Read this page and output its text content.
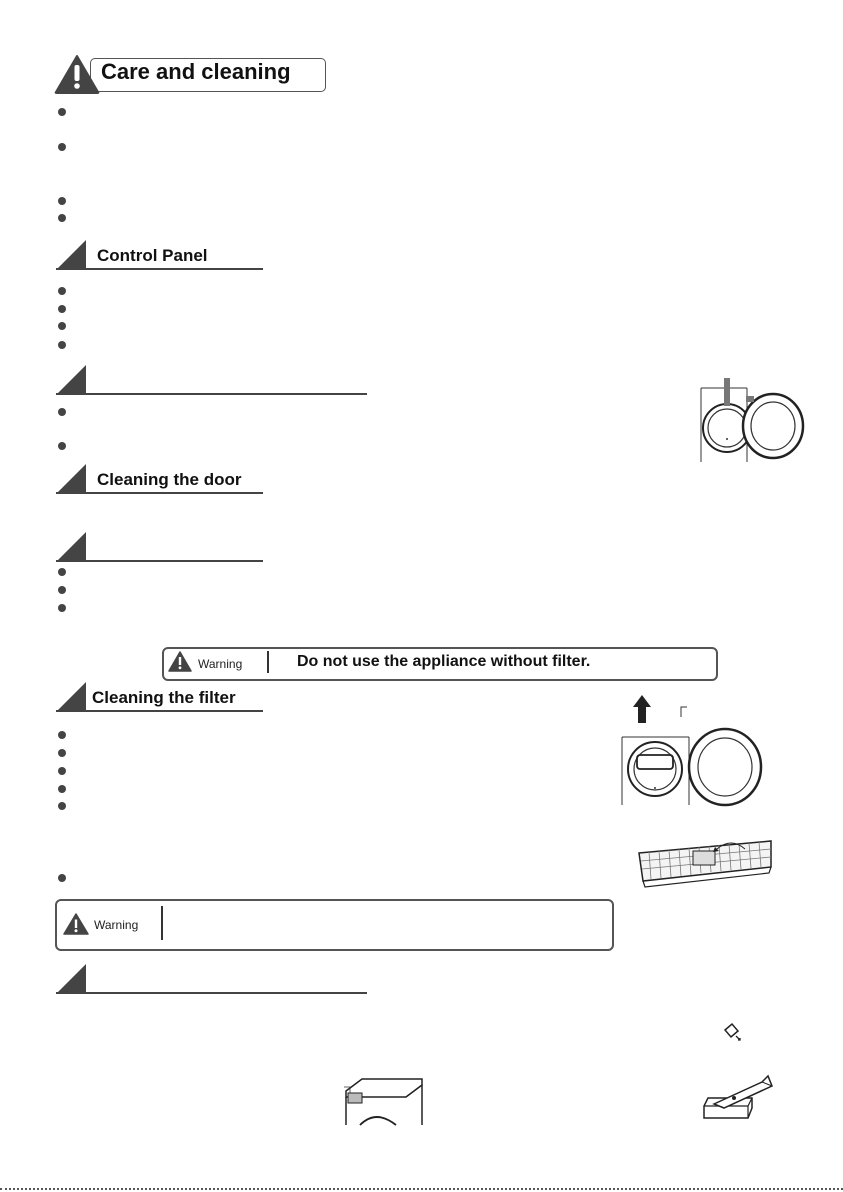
Care and cleaning
Control Panel
Cleaning the door
Warning	Do not use the appliance without filter.
Cleaning the filter
Warning
